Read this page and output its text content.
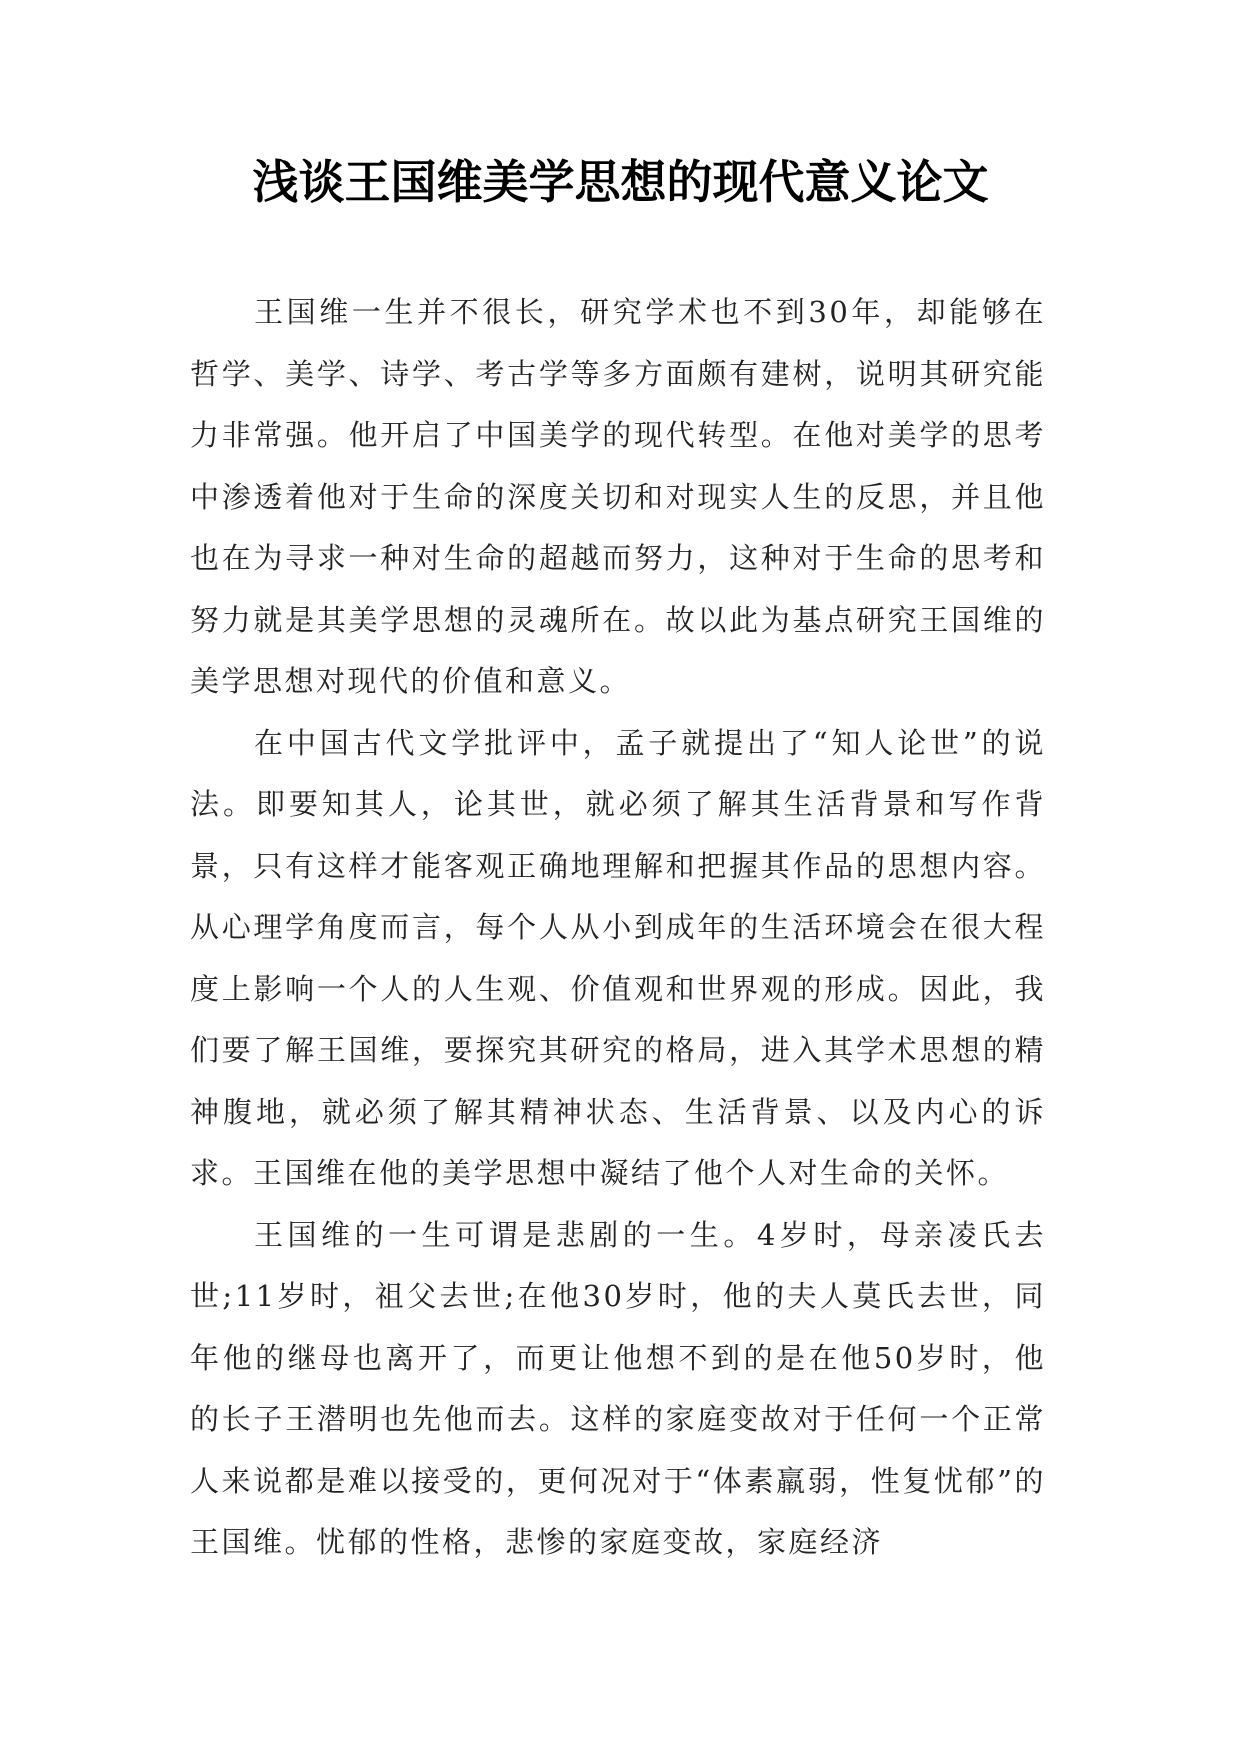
浅谈王国维美学思想的现代意义论文

王国维一生并不很长，研究学术也不到30年，却能够在哲学、美学、诗学、考古学等多方面颇有建树，说明其研究能力非常强。他开启了中国美学的现代转型。在他对美学的思考中渗透着他对于生命的深度关切和对现实人生的反思，并且他也在为寻求一种对生命的超越而努力，这种对于生命的思考和努力就是其美学思想的灵魂所在。故以此为基点研究王国维的美学思想对现代的价值和意义。

在中国古代文学批评中，孟子就提出了“知人论世”的说法。即要知其人，论其世，就必须了解其生活背景和写作背景，只有这样才能客观正确地理解和把握其作品的思想内容。从心理学角度而言，每个人从小到成年的生活环境会在很大程度上影响一个人的人生观、价值观和世界观的形成。因此，我们要了解王国维，要探究其研究的格局，进入其学术思想的精神腹地，就必须了解其精神状态、生活背景、以及内心的诉求。王国维在他的美学思想中凝结了他个人对生命的关怀。

王国维的一生可谓是悲剧的一生。4岁时，母亲凌氏去世;11岁时，祖父去世;在他30岁时，他的夫人莫氏去世，同年他的继母也离开了，而更让他想不到的是在他50岁时，他的长子王潜明也先他而去。这样的家庭变故对于任何一个正常人来说都是难以接受的，更何况对于“体素羸弱，性复忧郁”的王国维。忧郁的性格，悲惨的家庭变故，家庭经济
